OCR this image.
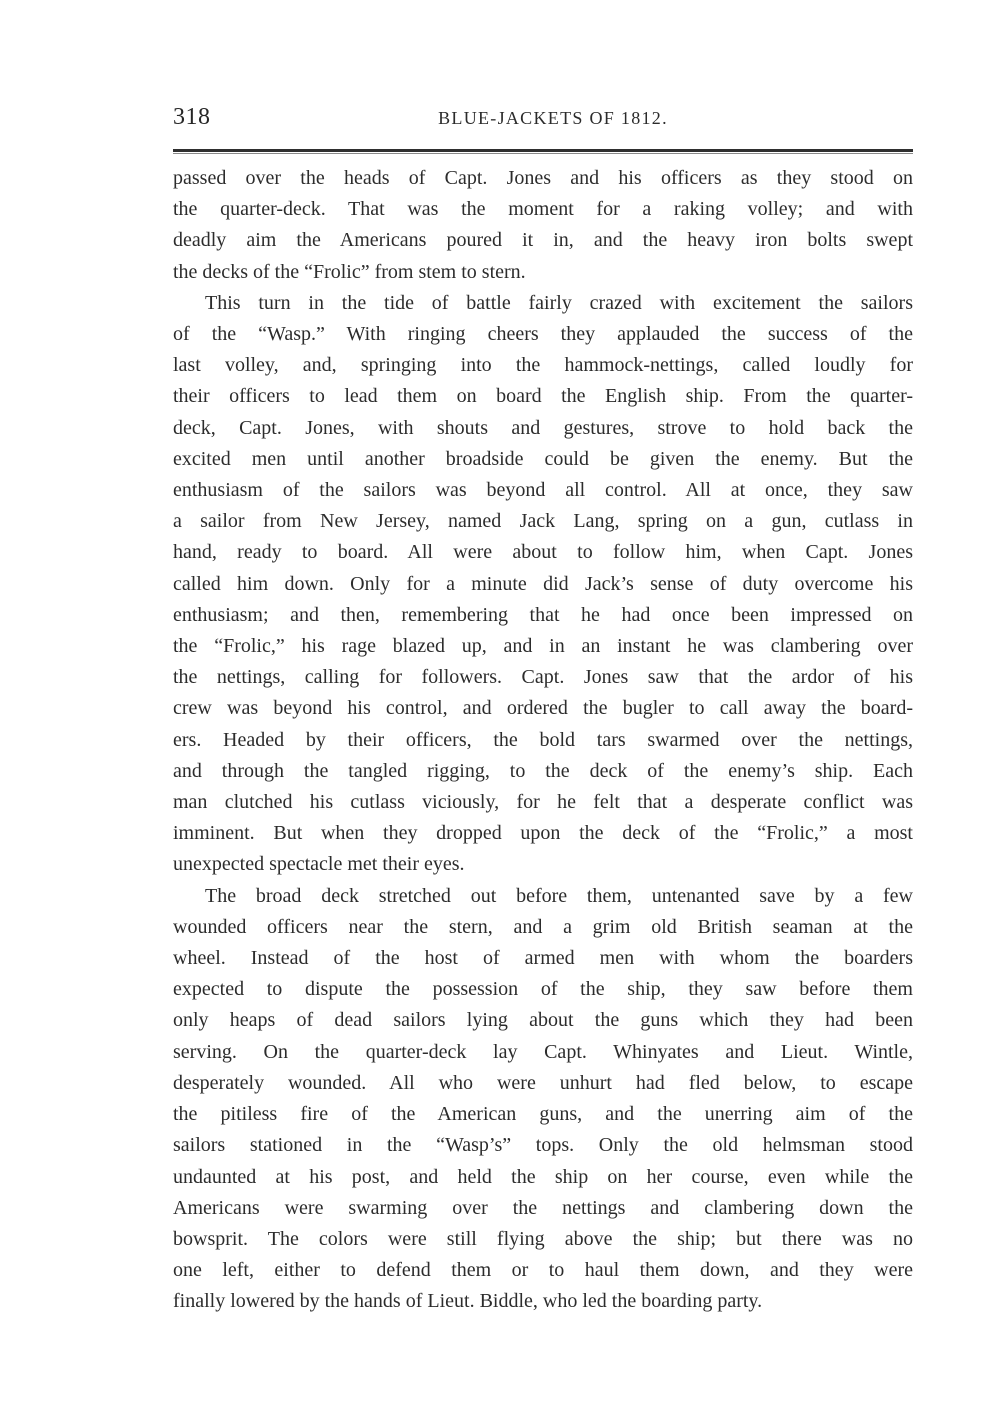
318	BLUE-JACKETS OF 1812.
passed over the heads of Capt. Jones and his officers as they stood on
the quarter-deck. That was the moment for a raking volley; and with
deadly aim the Americans poured it in, and the heavy iron bolts swept
the decks of the “Frolic” from stem to stern.
This turn in the tide of battle fairly crazed with excitement the sailors
of the “Wasp.” With ringing cheers they applauded the success of the
last volley, and, springing into the hammock-nettings, called loudly for
their officers to lead them on board the English ship. From the quarter-
deck, Capt. Jones, with shouts and gestures, strove to hold back the
excited men until another broadside could be given the enemy. But the
enthusiasm of the sailors was beyond all control. All at once, they saw
a sailor from New Jersey, named Jack Lang, spring on a gun, cutlass in
hand, ready to board. All were about to follow him, when Capt. Jones
called him down. Only for a minute did Jack’s sense of duty overcome his
enthusiasm; and then, remembering that he had once been impressed on
the “Frolic,” his rage blazed up, and in an instant he was clambering over
the nettings, calling for followers. Capt. Jones saw that the ardor of his
crew was beyond his control, and ordered the bugler to call away the board-
ers. Headed by their officers, the bold tars swarmed over the nettings,
and through the tangled rigging, to the deck of the enemy’s ship. Each
man clutched his cutlass viciously, for he felt that a desperate conflict was
imminent. But when they dropped upon the deck of the “Frolic,” a most
unexpected spectacle met their eyes.
The broad deck stretched out before them, untenanted save by a few
wounded officers near the stern, and a grim old British seaman at the
wheel. Instead of the host of armed men with whom the boarders
expected to dispute the possession of the ship, they saw before them
only heaps of dead sailors lying about the guns which they had been
serving. On the quarter-deck lay Capt. Whinyates and Lieut. Wintle,
desperately wounded. All who were unhurt had fled below, to escape
the pitiless fire of the American guns, and the unerring aim of the
sailors stationed in the “Wasp’s” tops. Only the old helmsman stood
undaunted at his post, and held the ship on her course, even while the
Americans were swarming over the nettings and clambering down the
bowsprit. The colors were still flying above the ship; but there was no
one left, either to defend them or to haul them down, and they were
finally lowered by the hands of Lieut. Biddle, who led the boarding party.
